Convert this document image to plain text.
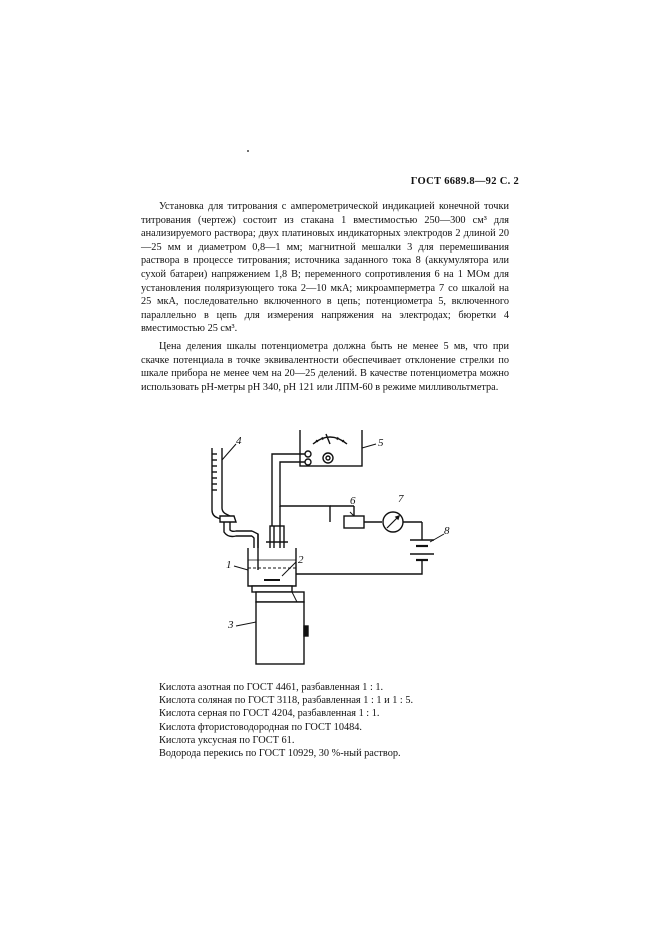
ГОСТ 6689.8—92 С. 2

Установка для титрования с амперометрической индикацией конечной точки титрования (чертеж) состоит из стакана 1 вместимостью 250—300 см³ для анализируемого раствора; двух платиновых индикаторных электродов 2 длиной 20—25 мм и диаметром 0,8—1 мм; магнитной мешалки 3 для перемешивания раствора в процессе титрования; источника заданного тока 8 (аккумулятора или сухой батареи) напряжением 1,8 В; переменного сопротивления 6 на 1 МОм для установления поляризующего тока 2—10 мкА; микроамперметра 7 со шкалой на 25 мкА, последовательно включенного в цепь; потенциометра 5, включенного параллельно в цепь для измерения напряжения на электродах; бюретки 4 вместимостью 25 см³.

Цена деления шкалы потенциометра должна быть не менее 5 мв, что при скачке потенциала в точке эквивалентности обеспечивает отклонение стрелки по шкале прибора не менее чем на 20—25 делений. В качестве потенциометра можно использовать рН-метры рН 340, рН 121 или ЛПМ-60 в режиме милливольтметра.

4	5
6	7
8
1	2
3
Кислота азотная по ГОСТ 4461, разбавленная 1 : 1.
Кислота соляная по ГОСТ 3118, разбавленная 1 : 1 и 1 : 5.
Кислота серная по ГОСТ 4204, разбавленная 1 : 1.
Кислота фтористоводородная по ГОСТ 10484.
Кислота уксусная по ГОСТ 61.
Водорода перекись по ГОСТ 10929, 30 %-ный раствор.
